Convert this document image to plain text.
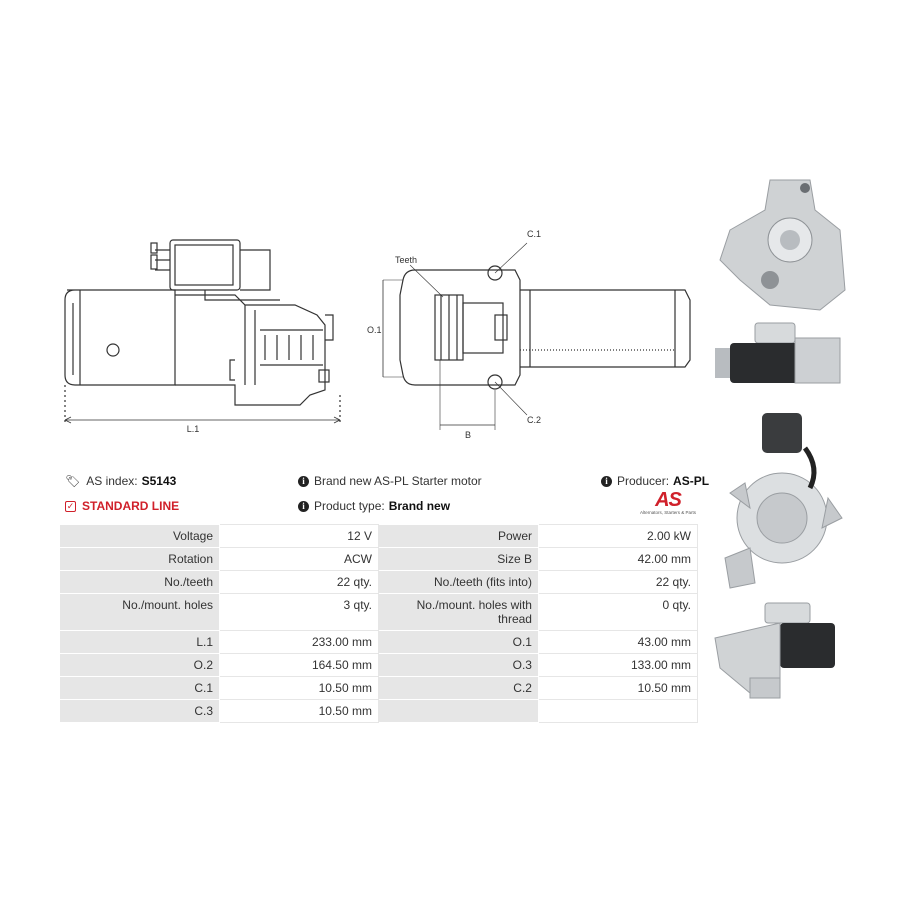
L.1
C.1
C.2
Teeth
O.1
B
🏷︎ AS index: S5143	i Brand new AS-PL Starter motor	i Producer: AS-PL
✓ STANDARD LINE	i Product type: Brand new	AS
Alternators, Starters & Parts
Voltage	12 V	Power	2.00 kW
Rotation	ACW	Size B	42.00 mm
No./teeth	22 qty.	No./teeth (fits into)	22 qty.
No./mount. holes	3 qty.	No./mount. holes with thread	0 qty.
L.1	233.00 mm	O.1	43.00 mm
O.2	164.50 mm	O.3	133.00 mm
C.1	10.50 mm	C.2	10.50 mm
C.3	10.50 mm		
